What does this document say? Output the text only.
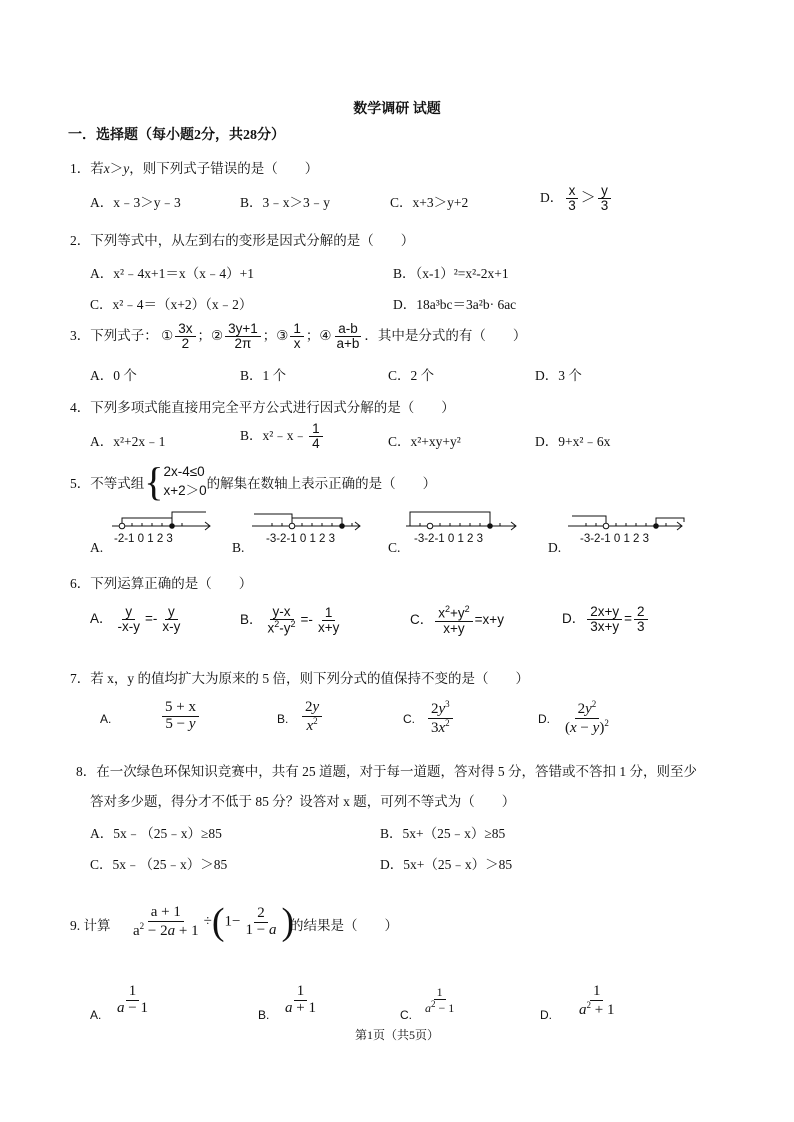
数学调研 试题
一．选择题（每小题2分，共28分）
1．若x＞y，则下列式子错误的是（　　）
A．x﹣3＞y﹣3	B．3﹣x＞3﹣y	C．x+3＞y+2	D． $\frac{x}{3} > \frac{y}{3}$
2．下列等式中，从左到右的变形是因式分解的是（　　）
A．x²﹣4x+1＝x（x﹣4）+1	B．（x-1）²=x²-2x+1
C．x²﹣4＝（x+2）（x﹣2）	D．18a³bc＝3a²b· 6ac
3．下列式子： ① $\frac{3x}{2}$ ；② $\frac{3y+1}{2\pi}$ ；③ $\frac{1}{x}$ ；④ $\frac{a-b}{a+b}$ ．其中是分式的有（　　）
A．0 个	B．1 个	C．2 个	D．3 个
4．下列多项式能直接用完全平方公式进行因式分解的是（　　）
A．x²+2x﹣1	B．x²﹣x﹣ $\frac{1}{4}$	C．x²+xy+y²	D．9+x²﹣6x
5．不等式组{ 2x-4≤0
x+2＞0 的解集在数轴上表示正确的是（　　）
A.
-2-1 0 1 2 3
B.
-3-2-1 0 1 2 3
C.
-3-2-1 0 1 2 3
D.
-3-2-1 0 1 2 3
6．下列运算正确的是（　　）
A． $\frac{y}{-x-y} =- \frac{y}{x-y}$	B． $\frac{y-x}{x^2-y^2} =- \frac{1}{x+y}$	C． $\frac{x^2+y^2}{x+y} =x+y$	D． $\frac{2x+y}{3x+y} = \frac{2}{3}$
7．若 x，y 的值均扩大为原来的 5 倍，则下列分式的值保持不变的是（　　）
A.	$\frac{5 + x}{5 - y}$	B. $\frac{2y}{x^2}$	C. $\frac{2y^3}{3x^2}$	D. $\frac{2y^2}{(x - y)^2}$
8．在一次绿色环保知识竞赛中，共有 25 道题，对于每一道题，答对得 5 分，答错或不答扣 1 分，则至少
答对多少题，得分才不低于 85 分？设答对 x 题，可列不等式为（　　）
A．5x﹣（25﹣x）≥85	B．5x+（25﹣x）≥85
C．5x﹣（25﹣x）＞85	D．5x+（25﹣x）＞85
9. 计算 $\frac{a + 1}{a^2 - 2a + 1} \div(1- \frac{2}{1 - a}$ )
的结果是（　　）
A. $\frac{1}{a - 1}$	B. $\frac{1}{a + 1}$	C.
$\frac{1}{a^2 - 1}$
D. $\frac{1}{a^2 + 1}$
第1页（共5页）
